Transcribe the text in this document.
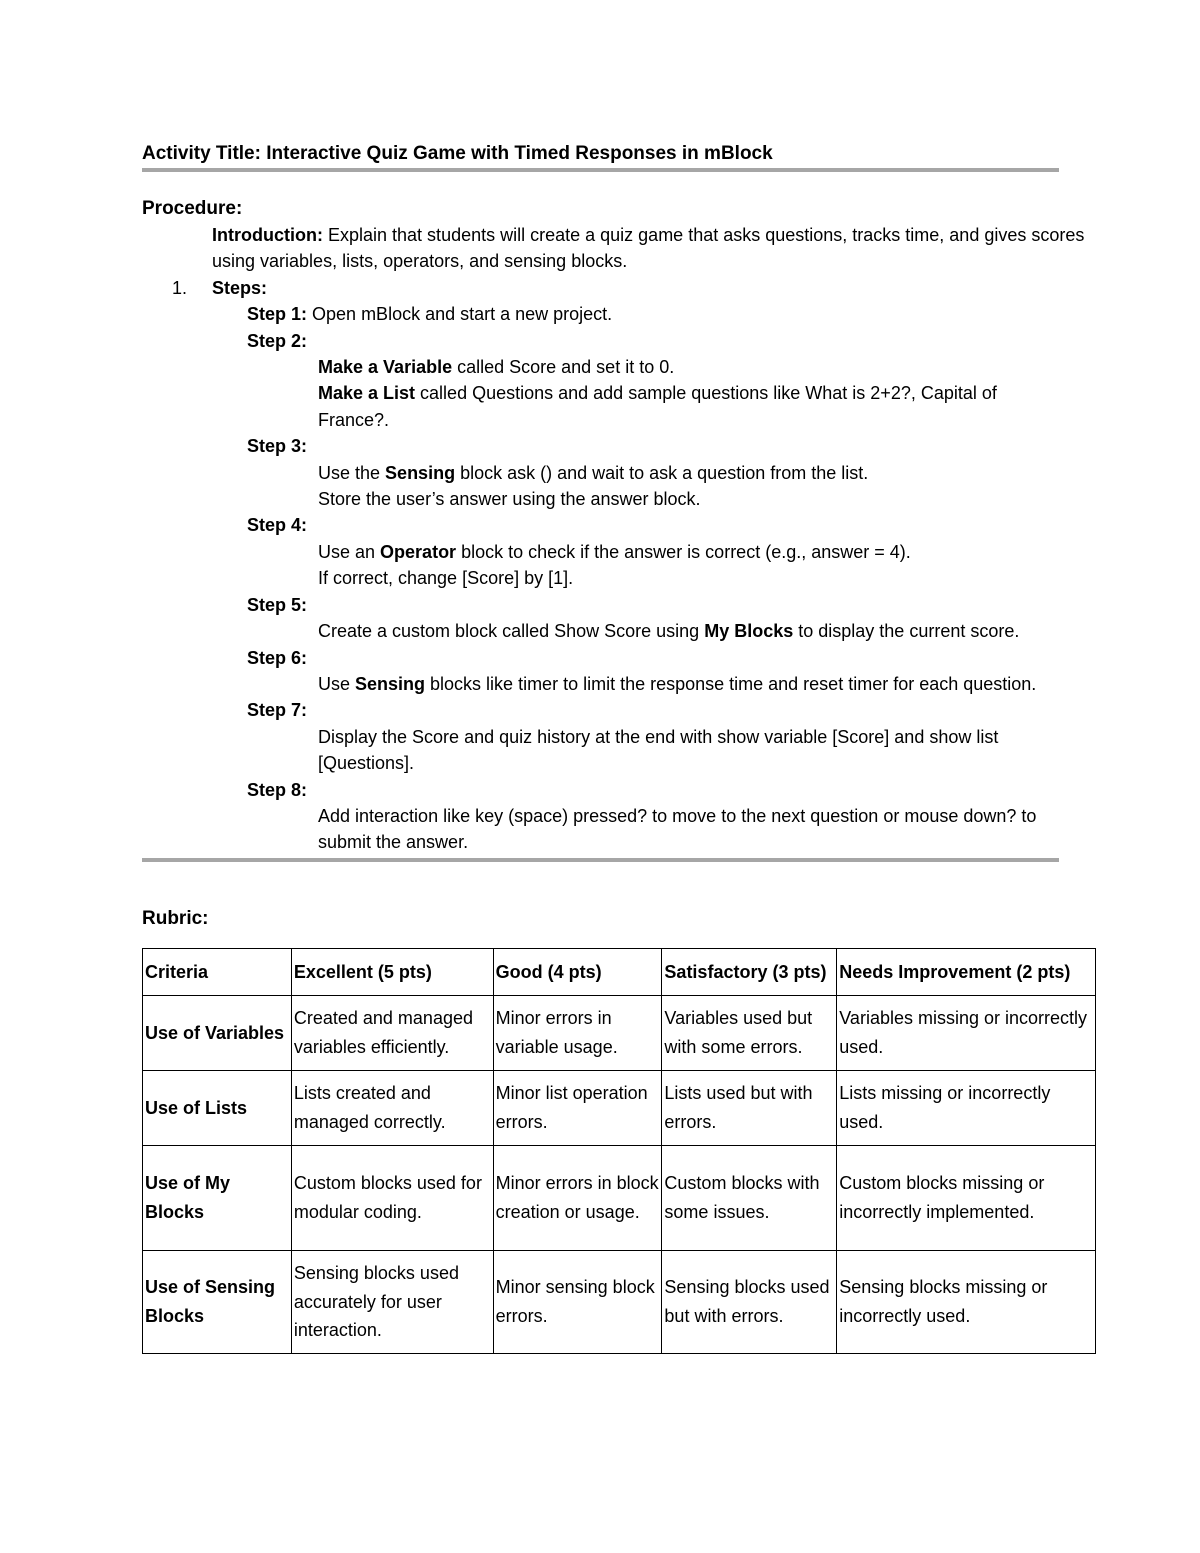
Activity Title: Interactive Quiz Game with Timed Responses in mBlock
Procedure:
Introduction: Explain that students will create a quiz game that asks questions, tracks time, and gives scores using variables, lists, operators, and sensing blocks.
1. Steps:
Step 1: Open mBlock and start a new project.
Step 2:
Make a Variable called Score and set it to 0.
Make a List called Questions and add sample questions like What is 2+2?, Capital of France?.
Step 3:
Use the Sensing block ask () and wait to ask a question from the list.
Store the user’s answer using the answer block.
Step 4:
Use an Operator block to check if the answer is correct (e.g., answer = 4).
If correct, change [Score] by [1].
Step 5:
Create a custom block called Show Score using My Blocks to display the current score.
Step 6:
Use Sensing blocks like timer to limit the response time and reset timer for each question.
Step 7:
Display the Score and quiz history at the end with show variable [Score] and show list [Questions].
Step 8:
Add interaction like key (space) pressed? to move to the next question or mouse down? to submit the answer.
Rubric:
Criteria	Excellent (5 pts)	Good (4 pts)	Satisfactory (3 pts)	Needs Improvement (2 pts)
Use of Variables	Created and managed variables efficiently.	Minor errors in variable usage.	Variables used but with some errors.	Variables missing or incorrectly used.
Use of Lists	Lists created and managed correctly.	Minor list operation errors.	Lists used but with errors.	Lists missing or incorrectly used.
Use of My Blocks	Custom blocks used for modular coding.	Minor errors in block creation or usage.	Custom blocks with some issues.	Custom blocks missing or incorrectly implemented.
Use of Sensing Blocks	Sensing blocks used accurately for user interaction.	Minor sensing block errors.	Sensing blocks used but with errors.	Sensing blocks missing or incorrectly used.
